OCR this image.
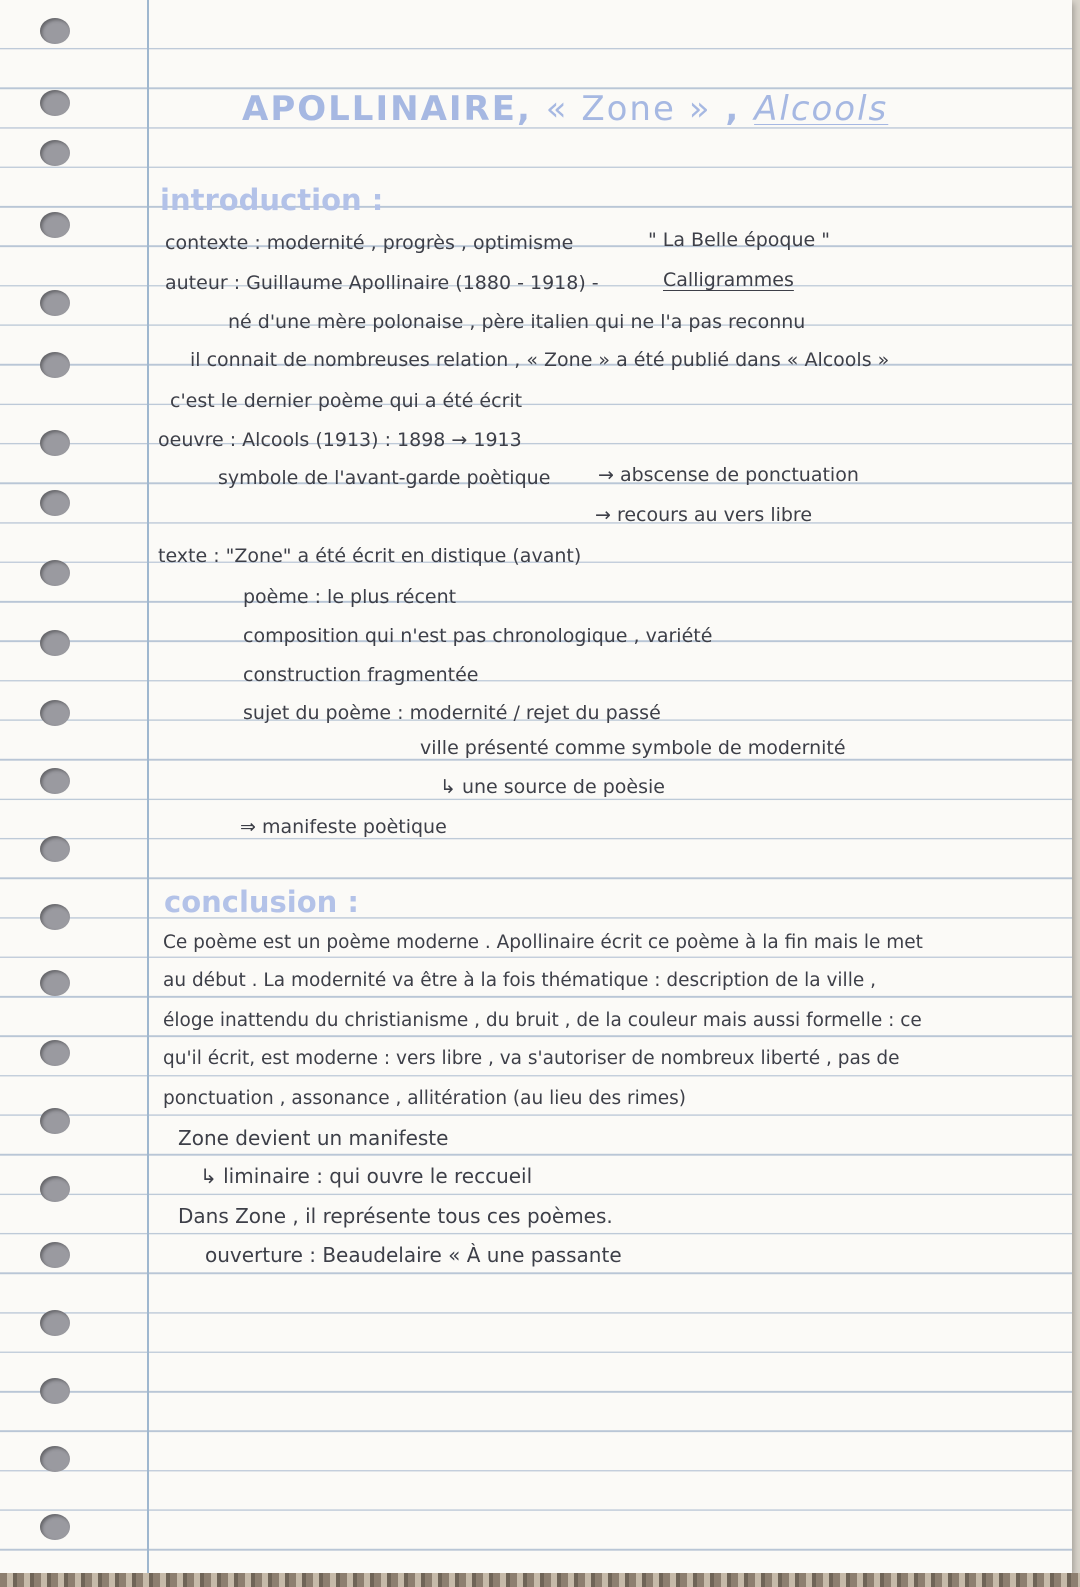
APOLLINAIRE, « Zone » , Alcools
introduction :
contexte : modernité , progrès , optimisme	" La Belle époque "
auteur : Guillaume Apollinaire (1880 - 1918) -	Calligrammes
né d'une mère polonaise , père italien qui ne l'a pas reconnu
il connait de nombreuses relation , « Zone » a été publié dans « Alcools »
c'est le dernier poème qui a été écrit
oeuvre : Alcools (1913) : 1898 → 1913
symbole de l'avant-garde poètique	→ abscense de ponctuation
→ recours au vers libre
texte : "Zone" a été écrit en distique (avant)
poème : le plus récent
composition qui n'est pas chronologique , variété
construction fragmentée
sujet du poème : modernité / rejet du passé
ville présenté comme symbole de modernité
↳ une source de poèsie
⇒ manifeste poètique
conclusion :
Ce poème est un poème moderne . Apollinaire écrit ce poème à la fin mais le met
au début . La modernité va être à la fois thématique : description de la ville ,
éloge inattendu du christianisme , du bruit , de la couleur mais aussi formelle : ce
qu'il écrit, est moderne : vers libre , va s'autoriser de nombreux liberté , pas de
ponctuation , assonance , allitération (au lieu des rimes)
Zone devient un manifeste
↳ liminaire : qui ouvre le reccueil
Dans Zone , il représente tous ces poèmes.
ouverture : Beaudelaire « À une passante
